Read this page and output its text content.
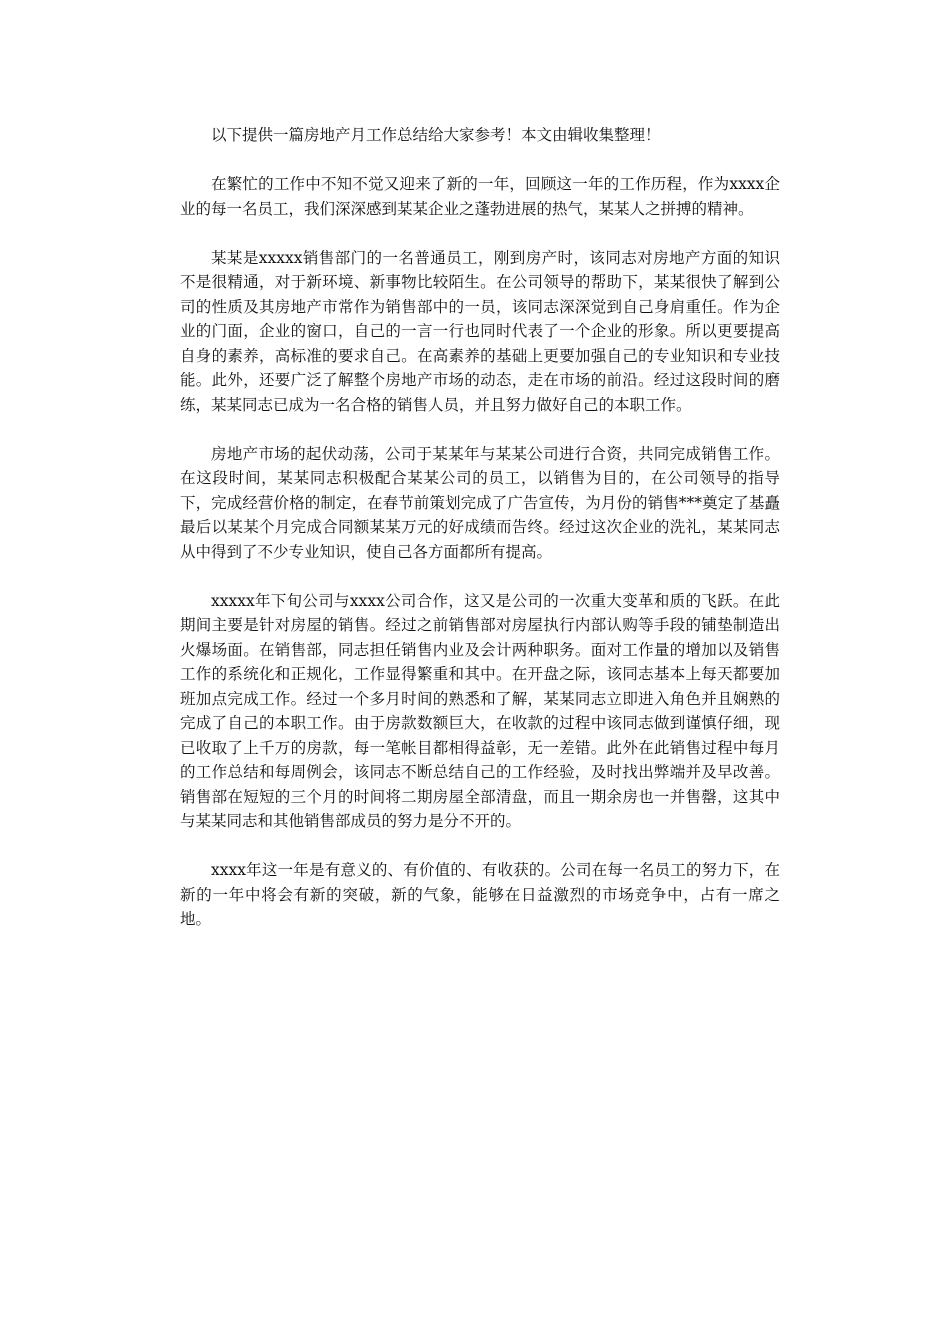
以下提供一篇房地产月工作总结给大家参考！本文由辑收集整理！

在繁忙的工作中不知不觉又迎来了新的一年，回顾这一年的工作历程，作为xxxx企业的每一名员工，我们深深感到某某企业之蓬勃进展的热气，某某人之拼搏的精神。

某某是xxxxx销售部门的一名普通员工，刚到房产时，该同志对房地产方面的知识不是很精通，对于新环境、新事物比较陌生。在公司领导的帮助下，某某很快了解到公司的性质及其房地产市常作为销售部中的一员，该同志深深觉到自己身肩重任。作为企业的门面，企业的窗口，自己的一言一行也同时代表了一个企业的形象。所以更要提高自身的素养，高标准的要求自己。在高素养的基础上更要加强自己的专业知识和专业技能。此外，还要广泛了解整个房地产市场的动态，走在市场的前沿。经过这段时间的磨练，某某同志已成为一名合格的销售人员，并且努力做好自己的本职工作。

房地产市场的起伏动荡，公司于某某年与某某公司进行合资，共同完成销售工作。在这段时间，某某同志积极配合某某公司的员工，以销售为目的，在公司领导的指导下，完成经营价格的制定，在春节前策划完成了广告宣传，为月份的销售***奠定了基矗最后以某某个月完成合同额某某万元的好成绩而告终。经过这次企业的洗礼，某某同志从中得到了不少专业知识，使自己各方面都所有提高。

xxxxx年下旬公司与xxxx公司合作，这又是公司的一次重大变革和质的飞跃。在此期间主要是针对房屋的销售。经过之前销售部对房屋执行内部认购等手段的铺垫制造出火爆场面。在销售部，同志担任销售内业及会计两种职务。面对工作量的增加以及销售工作的系统化和正规化，工作显得繁重和其中。在开盘之际，该同志基本上每天都要加班加点完成工作。经过一个多月时间的熟悉和了解，某某同志立即进入角色并且娴熟的完成了自己的本职工作。由于房款数额巨大，在收款的过程中该同志做到谨慎仔细，现已收取了上千万的房款，每一笔帐目都相得益彰，无一差错。此外在此销售过程中每月的工作总结和每周例会，该同志不断总结自己的工作经验，及时找出弊端并及早改善。销售部在短短的三个月的时间将二期房屋全部清盘，而且一期余房也一并售罄，这其中与某某同志和其他销售部成员的努力是分不开的。

xxxx年这一年是有意义的、有价值的、有收获的。公司在每一名员工的努力下，在新的一年中将会有新的突破，新的气象，能够在日益激烈的市场竞争中，占有一席之地。
